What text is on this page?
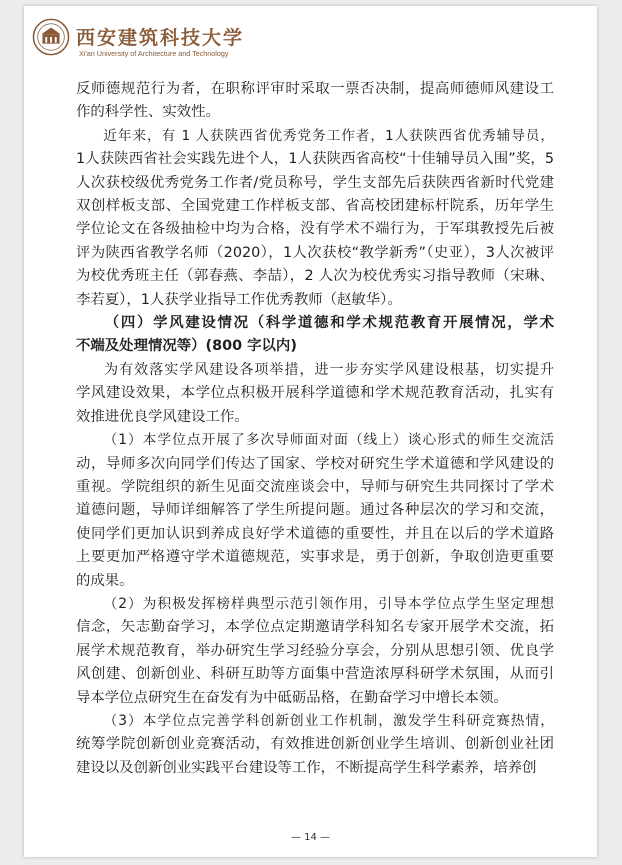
西安建筑科技大学
Xi'an University of Architecture and Technology

反师德规范行为者，在职称评审时采取一票否决制，提高师德师风建设工
作的科学性、实效性。

近年来，有 1 人获陕西省优秀党务工作者，1人获陕西省优秀辅导员，
1人获陕西省社会实践先进个人，1人获陕西省高校“十佳辅导员入围”奖，5
人次获校级优秀党务工作者/党员称号，学生支部先后获陕西省新时代党建
双创样板支部、全国党建工作样板支部、省高校团建标杆院系，历年学生
学位论文在各级抽检中均为合格，没有学术不端行为，于军琪教授先后被
评为陕西省教学名师（2020），1人次获校“教学新秀”（史亚），3人次被评
为校优秀班主任（郭春燕、李喆），2 人次为校优秀实习指导教师（宋琳、
李若夏），1人获学业指导工作优秀教师（赵敏华）。

（四）学风建设情况（科学道德和学术规范教育开展情况，学术
不端及处理情况等）(800 字以内)

为有效落实学风建设各项举措，进一步夯实学风建设根基，切实提升
学风建设效果，本学位点积极开展科学道德和学术规范教育活动，扎实有
效推进优良学风建设工作。

（1）本学位点开展了多次导师面对面（线上）谈心形式的师生交流活
动，导师多次向同学们传达了国家、学校对研究生学术道德和学风建设的
重视。学院组织的新生见面交流座谈会中，导师与研究生共同探讨了学术
道德问题，导师详细解答了学生所提问题。通过各种层次的学习和交流，
使同学们更加认识到养成良好学术道德的重要性，并且在以后的学术道路
上要更加严格遵守学术道德规范，实事求是，勇于创新，争取创造更重要
的成果。

（2）为积极发挥榜样典型示范引领作用，引导本学位点学生坚定理想
信念，矢志勤奋学习，本学位点定期邀请学科知名专家开展学术交流，拓
展学术规范教育，举办研究生学习经验分享会，分别从思想引领、优良学
风创建、创新创业、科研互助等方面集中营造浓厚科研学术氛围，从而引
导本学位点研究生在奋发有为中砥砺品格，在勤奋学习中增长本领。

（3）本学位点完善学科创新创业工作机制，激发学生科研竞赛热情，
统筹学院创新创业竞赛活动，有效推进创新创业学生培训、创新创业社团
建设以及创新创业实践平台建设等工作，不断提高学生科学素养，培养创

— 14 —
